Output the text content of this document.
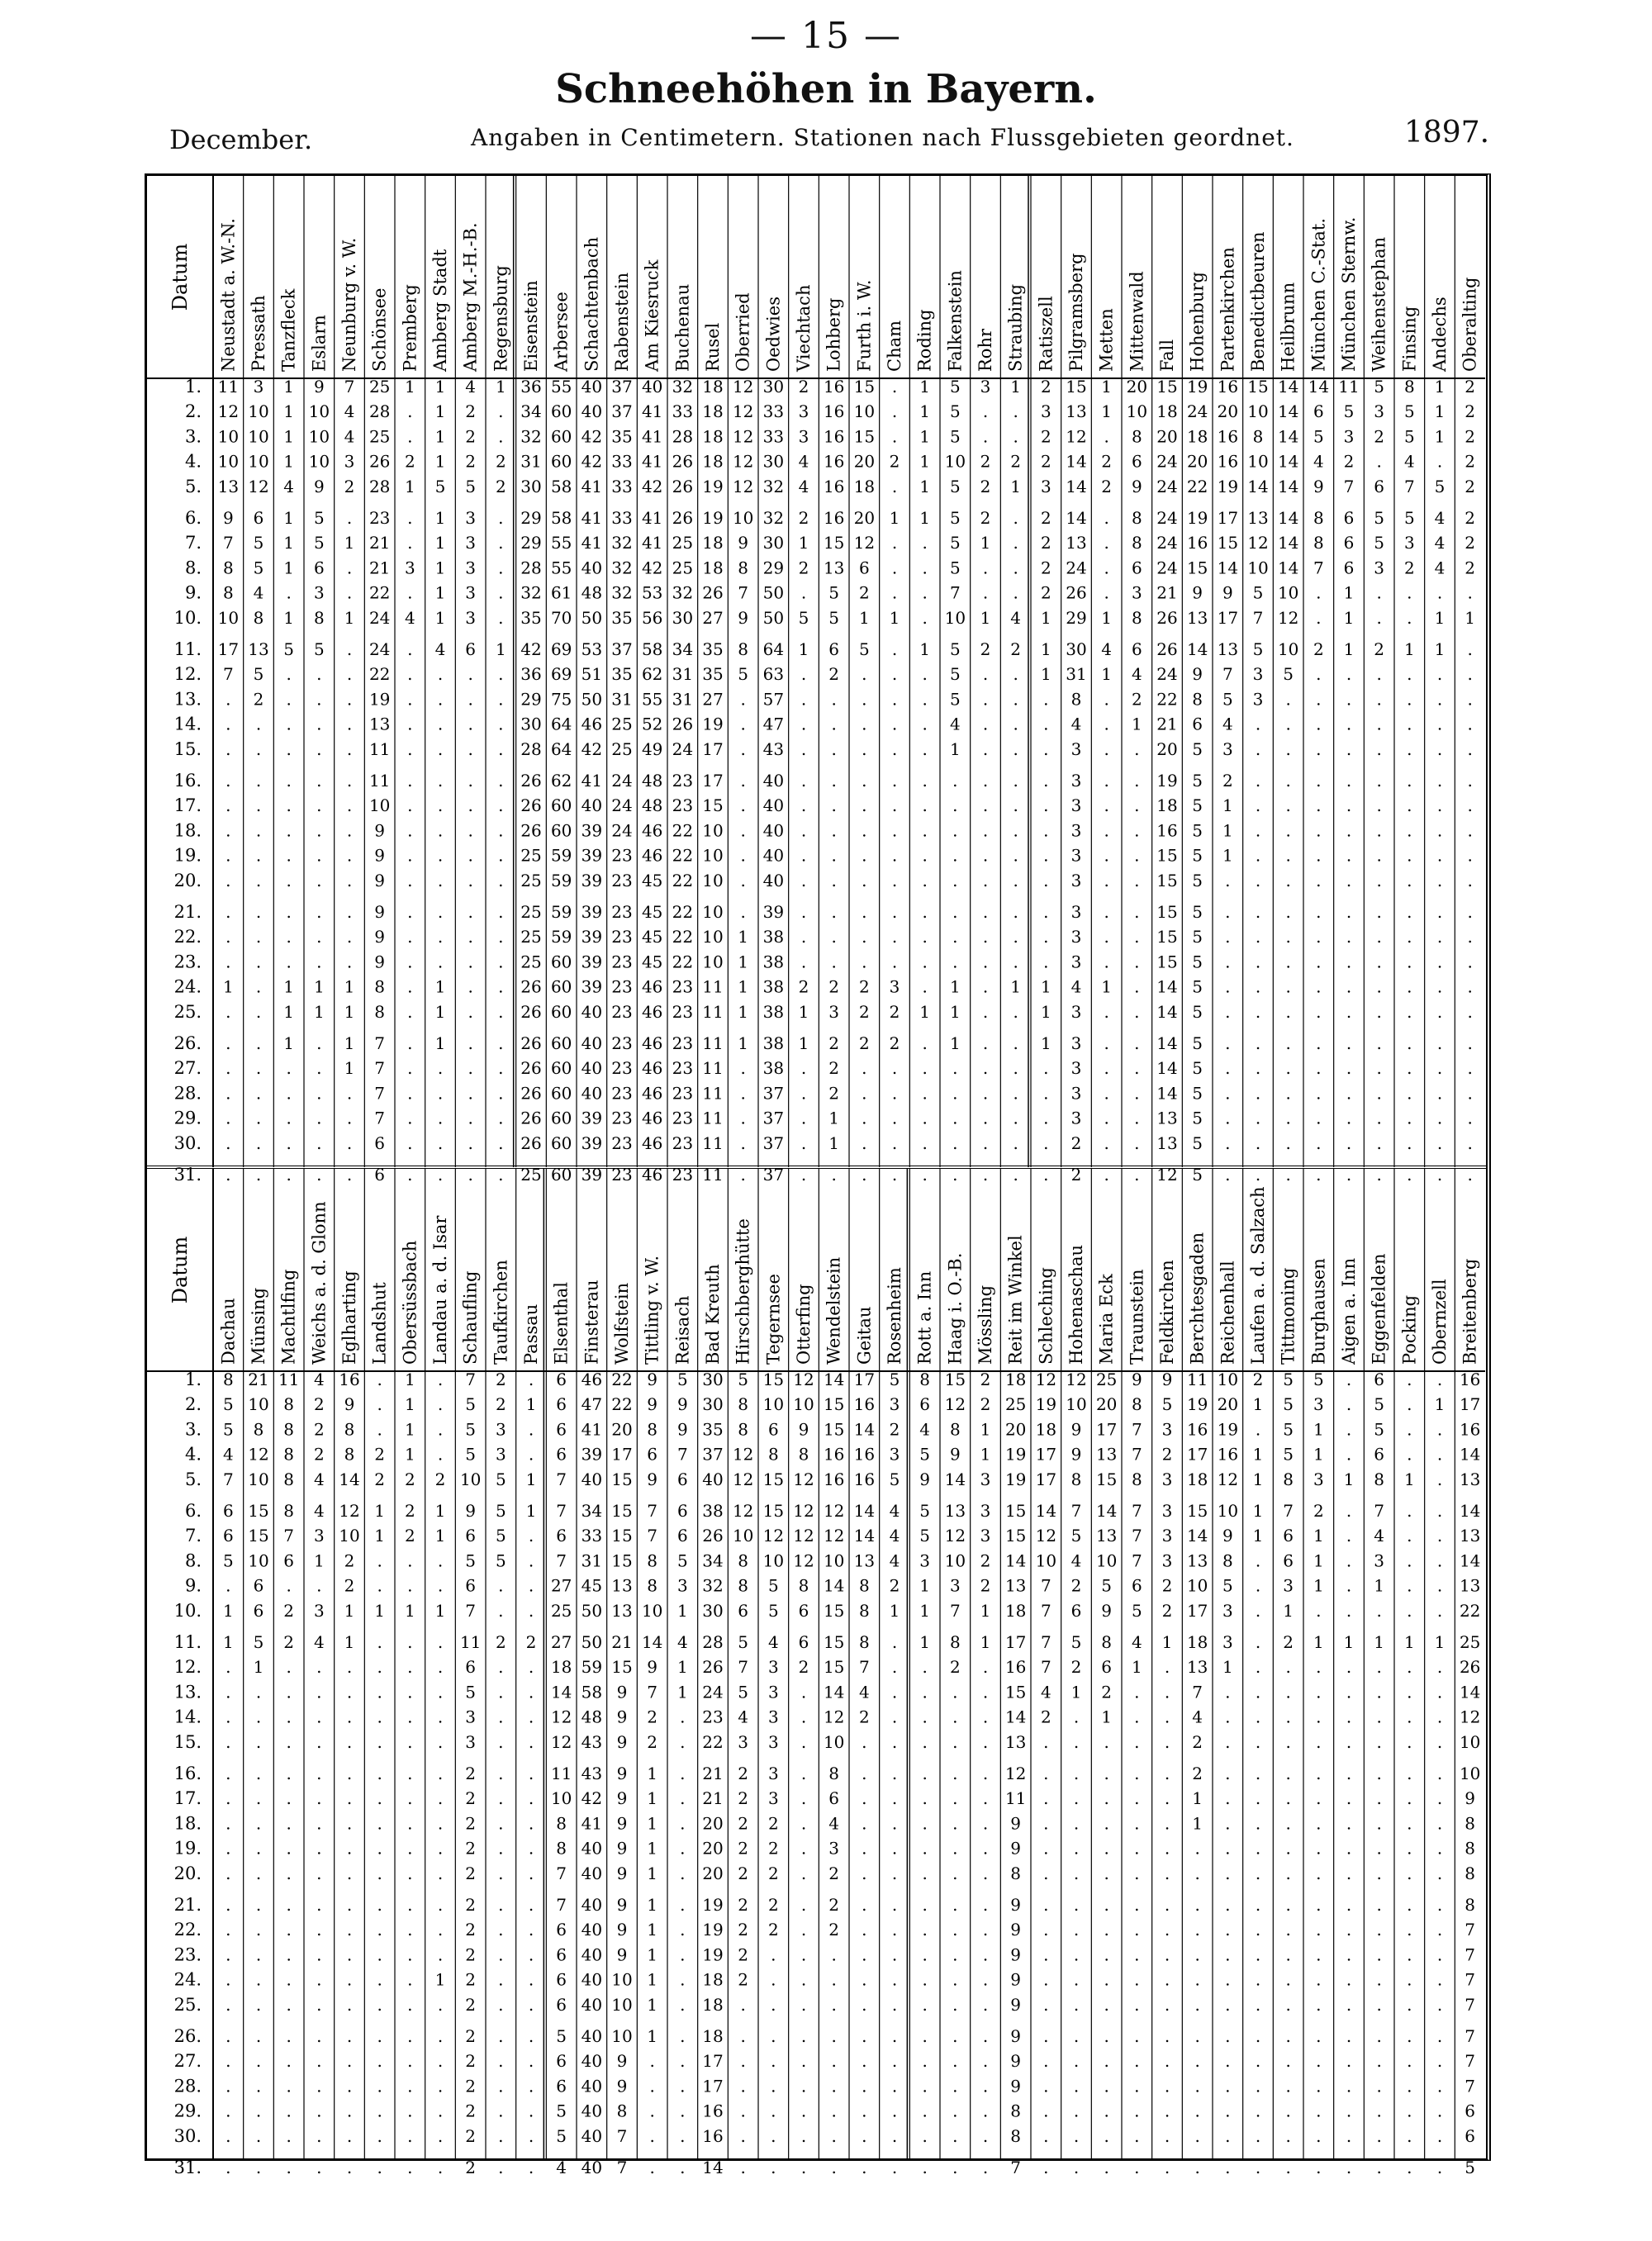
— 15 —
Schneehöhen in Bayern.
December.	Angaben in Centimetern. Stationen nach Flussgebieten geordnet.	1897.
Datum Neustadt a. W.-N. Pressath Tanzfleck Eslarn Neunburg v. W. Schönsee Premberg Amberg Stadt Amberg M.-H.-B. Regensburg Eisenstein Arbersee Schachtenbach Rabenstein Am Kiesruck Buchenau Rusel Oberried Oedwies Viechtach Lohberg Furth i. W. Cham Roding Falkenstein Rohr Straubing Ratiszell Pilgramsberg Metten Mittenwald Fall Hohenburg Partenkirchen Benedictbeuren Heilbrunn München C.-Stat. München Sternw. Weihenstephan Finsing Andechs Oberalting
1. 11 3 1 9 7 25 1 1 4 1 36 55 40 37 40 32 18 12 30 2 16 15 . 1 5 3 1 2 15 1 20 15 19 16 15 14 14 11 5 8 1 2
2. 12 10 1 10 4 28 . 1 2 . 34 60 40 37 41 33 18 12 33 3 16 10 . 1 5 . . 3 13 1 10 18 24 20 10 14 6 5 3 5 1 2
3. 10 10 1 10 4 25 . 1 2 . 32 60 42 35 41 28 18 12 33 3 16 15 . 1 5 . . 2 12 . 8 20 18 16 8 14 5 3 2 5 1 2
4. 10 10 1 10 3 26 2 1 2 2 31 60 42 33 41 26 18 12 30 4 16 20 2 1 10 2 2 2 14 2 6 24 20 16 10 14 4 2 . 4 . 2
5. 13 12 4 9 2 28 1 5 5 2 30 58 41 33 42 26 19 12 32 4 16 18 . 1 5 2 1 3 14 2 9 24 22 19 14 14 9 7 6 7 5 2
6. 9 6 1 5 . 23 . 1 3 . 29 58 41 33 41 26 19 10 32 2 16 20 1 1 5 2 . 2 14 . 8 24 19 17 13 14 8 6 5 5 4 2
7. 7 5 1 5 1 21 . 1 3 . 29 55 41 32 41 25 18 9 30 1 15 12 . . 5 1 . 2 13 . 8 24 16 15 12 14 8 6 5 3 4 2
8. 8 5 1 6 . 21 3 1 3 . 28 55 40 32 42 25 18 8 29 2 13 6 . . 5 . . 2 24 . 6 24 15 14 10 14 7 6 3 2 4 2
9. 8 4 . 3 . 22 . 1 3 . 32 61 48 32 53 32 26 7 50 . 5 2 . . 7 . . 2 26 . 3 21 9 9 5 10 . 1 . . . .
10. 10 8 1 8 1 24 4 1 3 . 35 70 50 35 56 30 27 9 50 5 5 1 1 . 10 1 4 1 29 1 8 26 13 17 7 12 . 1 . . 1 1
11. 17 13 5 5 . 24 . 4 6 1 42 69 53 37 58 34 35 8 64 1 6 5 . 1 5 2 2 1 30 4 6 26 14 13 5 10 2 1 2 1 1 .
12. 7 5 . . . 22 . . . . 36 69 51 35 62 31 35 5 63 . 2 . . . 5 . . 1 31 1 4 24 9 7 3 5 . . . . . .
13. . 2 . . . 19 . . . . 29 75 50 31 55 31 27 . 57 . . . . . 5 . . . 8 . 2 22 8 5 3 . . . . . . .
14. . . . . . 13 . . . . 30 64 46 25 52 26 19 . 47 . . . . . 4 . . . 4 . 1 21 6 4 . . . . . . . .
15. . . . . . 11 . . . . 28 64 42 25 49 24 17 . 43 . . . . . 1 . . . 3 . . 20 5 3 . . . . . . . .
16. . . . . . 11 . . . . 26 62 41 24 48 23 17 . 40 . . . . . . . . . 3 . . 19 5 2 . . . . . . . .
17. . . . . . 10 . . . . 26 60 40 24 48 23 15 . 40 . . . . . . . . . 3 . . 18 5 1 . . . . . . . .
18. . . . . . 9 . . . . 26 60 39 24 46 22 10 . 40 . . . . . . . . . 3 . . 16 5 1 . . . . . . . .
19. . . . . . 9 . . . . 25 59 39 23 46 22 10 . 40 . . . . . . . . . 3 . . 15 5 1 . . . . . . . .
20. . . . . . 9 . . . . 25 59 39 23 45 22 10 . 40 . . . . . . . . . 3 . . 15 5 . . . . . . . . .
21. . . . . . 9 . . . . 25 59 39 23 45 22 10 . 39 . . . . . . . . . 3 . . 15 5 . . . . . . . . .
22. . . . . . 9 . . . . 25 59 39 23 45 22 10 1 38 . . . . . . . . . 3 . . 15 5 . . . . . . . . .
23. . . . . . 9 . . . . 25 60 39 23 45 22 10 1 38 . . . . . . . . . 3 . . 15 5 . . . . . . . . .
24. 1 . 1 1 1 8 . 1 . . 26 60 39 23 46 23 11 1 38 2 2 2 3 . 1 . 1 1 4 1 . 14 5 . . . . . . . . .
25. . . 1 1 1 8 . 1 . . 26 60 40 23 46 23 11 1 38 1 3 2 2 1 1 . . 1 3 . . 14 5 . . . . . . . . .
26. . . 1 . 1 7 . 1 . . 26 60 40 23 46 23 11 1 38 1 2 2 2 . 1 . . 1 3 . . 14 5 . . . . . . . . .
27. . . . . 1 7 . . . . 26 60 40 23 46 23 11 . 38 . 2 . . . . . . . 3 . . 14 5 . . . . . . . . .
28. . . . . . 7 . . . . 26 60 40 23 46 23 11 . 37 . 2 . . . . . . . 3 . . 14 5 . . . . . . . . .
29. . . . . . 7 . . . . 26 60 39 23 46 23 11 . 37 . 1 . . . . . . . 3 . . 13 5 . . . . . . . . .
30. . . . . . 6 . . . . 26 60 39 23 46 23 11 . 37 . 1 . . . . . . . 2 . . 13 5 . . . . . . . . .
31. . . . . . 6 . . . . 25 60 39 23 46 23 11 . 37 . . . . . . . . . 2 . . 12 5 . . . . . . . . .
Datum
Dachau Münsing Machtlfing Weichs a. d. Glonn Eglharting Landshut Obersüssbach Landau a. d. Isar Schaufling Taufkirchen Passau Elsenthal Finsterau Wolfstein Tittling v. W. Reisach Bad Kreuth Hirschberghütte Tegernsee Otterfing Wendelstein Geitau Rosenheim Rott a. Inn Haag i. O.-B. Mössling Reit im Winkel Schleching Hohenaschau Maria Eck Traunstein Feldkirchen Berchtesgaden Reichenhall Laufen a. d. Salzach Tittmoning Burghausen Aigen a. Inn Eggenfelden Pocking Obernzell Breitenberg
1. 8 21 11 4 16 . 1 . 7 2 . 6 46 22 9 5 30 5 15 12 14 17 5 8 15 2 18 12 12 25 9 9 11 10 2 5 5 . 6 . . 16
2. 5 10 8 2 9 . 1 . 5 2 1 6 47 22 9 9 30 8 10 10 15 16 3 6 12 2 25 19 10 20 8 5 19 20 1 5 3 . 5 . 1 17
3. 5 8 8 2 8 . 1 . 5 3 . 6 41 20 8 9 35 8 6 9 15 14 2 4 8 1 20 18 9 17 7 3 16 19 . 5 1 . 5 . . 16
4. 4 12 8 2 8 2 1 . 5 3 . 6 39 17 6 7 37 12 8 8 16 16 3 5 9 1 19 17 9 13 7 2 17 16 1 5 1 . 6 . . 14
5. 7 10 8 4 14 2 2 2 10 5 1 7 40 15 9 6 40 12 15 12 16 16 5 9 14 3 19 17 8 15 8 3 18 12 1 8 3 1 8 1 . 13
6. 6 15 8 4 12 1 2 1 9 5 1 7 34 15 7 6 38 12 15 12 12 14 4 5 13 3 15 14 7 14 7 3 15 10 1 7 2 . 7 . . 14
7. 6 15 7 3 10 1 2 1 6 5 . 6 33 15 7 6 26 10 12 12 12 14 4 5 12 3 15 12 5 13 7 3 14 9 1 6 1 . 4 . . 13
8. 5 10 6 1 2 . . . 5 5 . 7 31 15 8 5 34 8 10 12 10 13 4 3 10 2 14 10 4 10 7 3 13 8 . 6 1 . 3 . . 14
9. . 6 . . 2 . . . 6 . . 27 45 13 8 3 32 8 5 8 14 8 2 1 3 2 13 7 2 5 6 2 10 5 . 3 1 . 1 . . 13
10. 1 6 2 3 1 1 1 1 7 . . 25 50 13 10 1 30 6 5 6 15 8 1 1 7 1 18 7 6 9 5 2 17 3 . 1 . . . . . 22
11. 1 5 2 4 1 . . . 11 2 2 27 50 21 14 4 28 5 4 6 15 8 . 1 8 1 17 7 5 8 4 1 18 3 . 2 1 1 1 1 1 25
12. . 1 . . . . . . 6 . . 18 59 15 9 1 26 7 3 2 15 7 . . 2 . 16 7 2 6 1 . 13 1 . . . . . . . 26
13. . . . . . . . . 5 . . 14 58 9 7 1 24 5 3 . 14 4 . . . . 15 4 1 2 . . 7 . . . . . . . . 14
14. . . . . . . . . 3 . . 12 48 9 2 . 23 4 3 . 12 2 . . . . 14 2 . 1 . . 4 . . . . . . . . 12
15. . . . . . . . . 3 . . 12 43 9 2 . 22 3 3 . 10 . . . . . 13 . . . . . 2 . . . . . . . . 10
16. . . . . . . . . 2 . . 11 43 9 1 . 21 2 3 . 8 . . . . . 12 . . . . . 2 . . . . . . . . 10
17. . . . . . . . . 2 . . 10 42 9 1 . 21 2 3 . 6 . . . . . 11 . . . . . 1 . . . . . . . . 9
18. . . . . . . . . 2 . . 8 41 9 1 . 20 2 2 . 4 . . . . . 9 . . . . . 1 . . . . . . . . 8
19. . . . . . . . . 2 . . 8 40 9 1 . 20 2 2 . 3 . . . . . 9 . . . . . . . . . . . . . . 8
20. . . . . . . . . 2 . . 7 40 9 1 . 20 2 2 . 2 . . . . . 8 . . . . . . . . . . . . . . 8
21. . . . . . . . . 2 . . 7 40 9 1 . 19 2 2 . 2 . . . . . 9 . . . . . . . . . . . . . . 8
22. . . . . . . . . 2 . . 6 40 9 1 . 19 2 2 . 2 . . . . . 9 . . . . . . . . . . . . . . 7
23. . . . . . . . . 2 . . 6 40 9 1 . 19 2 . . . . . . . . 9 . . . . . . . . . . . . . . 7
24. . . . . . . . 1 2 . . 6 40 10 1 . 18 2 . . . . . . . . 9 . . . . . . . . . . . . . . 7
25. . . . . . . . . 2 . . 6 40 10 1 . 18 . . . . . . . . . 9 . . . . . . . . . . . . . . 7
26. . . . . . . . . 2 . . 5 40 10 1 . 18 . . . . . . . . . 9 . . . . . . . . . . . . . . 7
27. . . . . . . . . 2 . . 6 40 9 . . 17 . . . . . . . . . 9 . . . . . . . . . . . . . . 7
28. . . . . . . . . 2 . . 6 40 9 . . 17 . . . . . . . . . 9 . . . . . . . . . . . . . . 7
29. . . . . . . . . 2 . . 5 40 8 . . 16 . . . . . . . . . 8 . . . . . . . . . . . . . . 6
30. . . . . . . . . 2 . . 5 40 7 . . 16 . . . . . . . . . 8 . . . . . . . . . . . . . . 6
31. . . . . . . . . 2 . . 4 40 7 . . 14 . . . . . . . . . 7 . . . . . . . . . . . . . . 5
